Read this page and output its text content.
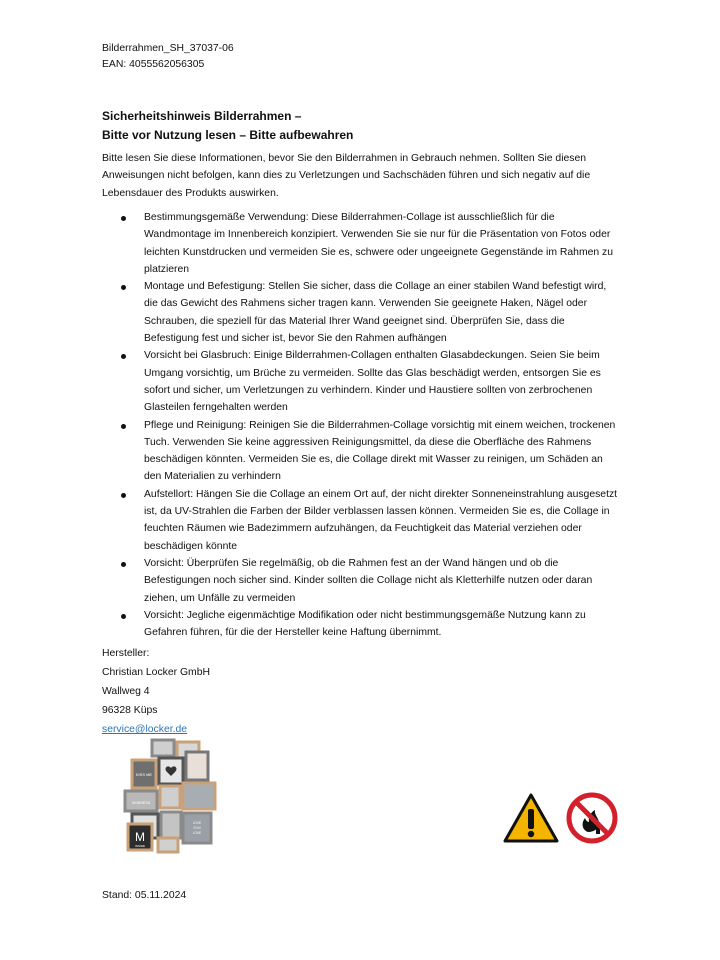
Bilderrahmen_SH_37037-06
EAN: 4055562056305
Sicherheitshinweis Bilderrahmen –
Bitte vor Nutzung lesen – Bitte aufbewahren
Bitte lesen Sie diese Informationen, bevor Sie den Bilderrahmen in Gebrauch nehmen. Sollten Sie diesen Anweisungen nicht befolgen, kann dies zu Verletzungen und Sachschäden führen und sich negativ auf die Lebensdauer des Produkts auswirken.
Bestimmungsgemäße Verwendung: Diese Bilderrahmen-Collage ist ausschließlich für die Wandmontage im Innenbereich konzipiert. Verwenden Sie sie nur für die Präsentation von Fotos oder leichten Kunstdrucken und vermeiden Sie es, schwere oder ungeeignete Gegenstände im Rahmen zu platzieren
Montage und Befestigung: Stellen Sie sicher, dass die Collage an einer stabilen Wand befestigt wird, die das Gewicht des Rahmens sicher tragen kann. Verwenden Sie geeignete Haken, Nägel oder Schrauben, die speziell für das Material Ihrer Wand geeignet sind. Überprüfen Sie, dass die Befestigung fest und sicher ist, bevor Sie den Rahmen aufhängen
Vorsicht bei Glasbruch: Einige Bilderrahmen-Collagen enthalten Glasabdeckungen. Seien Sie beim Umgang vorsichtig, um Brüche zu vermeiden. Sollte das Glas beschädigt werden, entsorgen Sie es sofort und sicher, um Verletzungen zu verhindern. Kinder und Haustiere sollten von zerbrochenen Glasteilen ferngehalten werden
Pflege und Reinigung: Reinigen Sie die Bilderrahmen-Collage vorsichtig mit einem weichen, trockenen Tuch. Verwenden Sie keine aggressiven Reinigungsmittel, da diese die Oberfläche des Rahmens beschädigen könnten. Vermeiden Sie es, die Collage direkt mit Wasser zu reinigen, um Schäden an den Materialien zu verhindern
Aufstellort: Hängen Sie die Collage an einem Ort auf, der nicht direkter Sonneneinstrahlung ausgesetzt ist, da UV-Strahlen die Farben der Bilder verblassen lassen können. Vermeiden Sie es, die Collage in feuchten Räumen wie Badezimmern aufzuhängen, da Feuchtigkeit das Material verziehen oder beschädigen könnte
Vorsicht: Überprüfen Sie regelmäßig, ob die Rahmen fest an der Wand hängen und ob die Befestigungen noch sicher sind. Kinder sollten die Collage nicht als Kletterhilfe nutzen oder daran ziehen, um Unfälle zu vermeiden
Vorsicht: Jegliche eigenmächtige Modifikation oder nicht bestimmungsgemäße Nutzung kann zu Gefahren führen, für die der Hersteller keine Haftung übernimmt.
Hersteller:
Christian Locker GmbH
Wallweg 4
96328 Küps
service@locker.de
KISS ME
KINDNESS
M
INSIDE
LOVE
IS IN
LOVE
Stand: 05.11.2024
